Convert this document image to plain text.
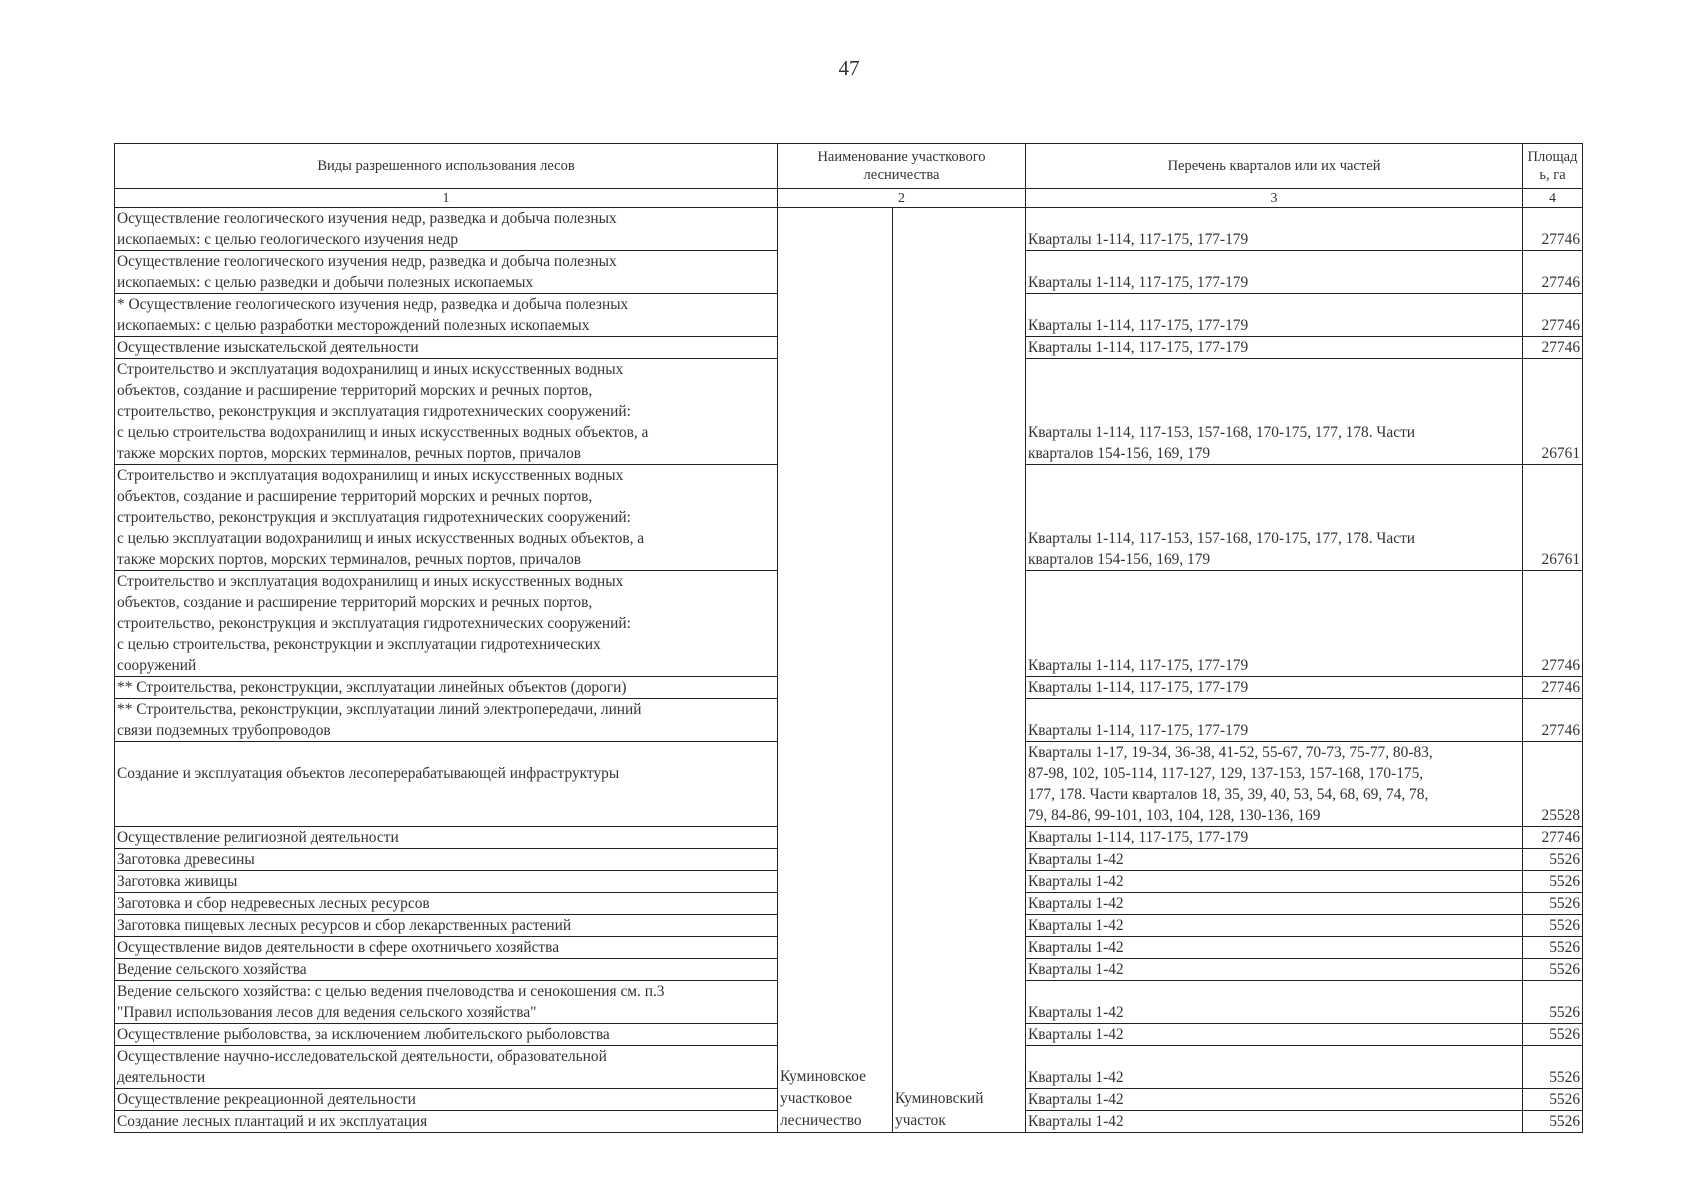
47
Виды разрешенного использования лесов	Наименование участкового лесничества		Перечень кварталов или их частей	Площад ь, га
1	2		3	4
Осуществление геологического изучения недр, разведка и добыча полезных
ископаемых: с целью геологического изучения недр	Куминовское участковое лесничество	Куминовский участок	Кварталы 1-114, 117-175, 177-179	27746
Осуществление геологического изучения недр, разведка и добыча полезных
ископаемых: с целью разведки и добычи полезных ископаемых			Кварталы 1-114, 117-175, 177-179	27746
* Осуществление геологического изучения недр, разведка и добыча полезных
ископаемых: с целью разработки месторождений полезных ископаемых			Кварталы 1-114, 117-175, 177-179	27746
Осуществление изыскательской деятельности			Кварталы 1-114, 117-175, 177-179	27746
Строительство и эксплуатация водохранилищ и иных искусственных водных
объектов, создание и расширение территорий морских и речных портов,
строительство, реконструкция и эксплуатация гидротехнических сооружений:
с целью строительства водохранилищ и иных искусственных водных объектов, а
также морских портов, морских терминалов, речных портов, причалов			Кварталы 1-114, 117-153, 157-168, 170-175, 177, 178. Части
кварталов 154-156, 169, 179	26761
Строительство и эксплуатация водохранилищ и иных искусственных водных
объектов, создание и расширение территорий морских и речных портов,
строительство, реконструкция и эксплуатация гидротехнических сооружений:
с целью эксплуатации водохранилищ и иных искусственных водных объектов, а
также морских портов, морских терминалов, речных портов, причалов			Кварталы 1-114, 117-153, 157-168, 170-175, 177, 178. Части
кварталов 154-156, 169, 179	26761
Строительство и эксплуатация водохранилищ и иных искусственных водных
объектов, создание и расширение территорий морских и речных портов,
строительство, реконструкция и эксплуатация гидротехнических сооружений:
с целью строительства, реконструкции и эксплуатации гидротехнических
сооружений			Кварталы 1-114, 117-175, 177-179	27746
** Строительства, реконструкции, эксплуатации линейных объектов (дороги)			Кварталы 1-114, 117-175, 177-179	27746
** Строительства, реконструкции, эксплуатации линий электропередачи, линий
связи подземных трубопроводов			Кварталы 1-114, 117-175, 177-179	27746
Создание и эксплуатация объектов лесоперерабатывающей инфраструктуры			Кварталы 1-17, 19-34, 36-38, 41-52, 55-67, 70-73, 75-77, 80-83,
87-98, 102, 105-114, 117-127, 129, 137-153, 157-168, 170-175,
177, 178. Части кварталов 18, 35, 39, 40, 53, 54, 68, 69, 74, 78,
79, 84-86, 99-101, 103, 104, 128, 130-136, 169	25528
Осуществление религиозной деятельности			Кварталы 1-114, 117-175, 177-179	27746
Заготовка древесины			Кварталы 1-42	5526
Заготовка живицы			Кварталы 1-42	5526
Заготовка и сбор недревесных лесных ресурсов			Кварталы 1-42	5526
Заготовка пищевых лесных ресурсов и сбор лекарственных растений			Кварталы 1-42	5526
Осуществление видов деятельности в сфере охотничьего хозяйства			Кварталы 1-42	5526
Ведение сельского хозяйства			Кварталы 1-42	5526
Ведение сельского хозяйства: с целью ведения пчеловодства и сенокошения см. п.3
"Правил использования лесов для ведения сельского хозяйства"			Кварталы 1-42	5526
Осуществление рыболовства, за исключением любительского рыболовства			Кварталы 1-42	5526
Осуществление научно-исследовательской деятельности, образовательной
деятельности			Кварталы 1-42	5526
Осуществление рекреационной деятельности			Кварталы 1-42	5526
Создание лесных плантаций и их эксплуатация			Кварталы 1-42	5526
